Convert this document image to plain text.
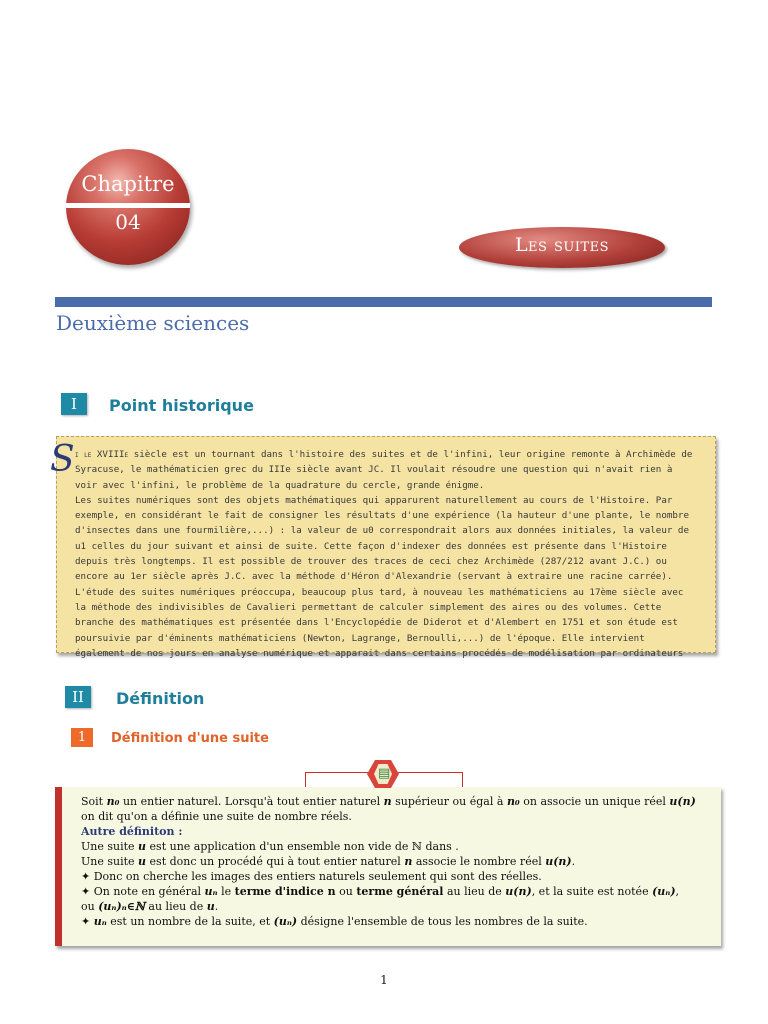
Chapitre
04
Les suites
Deuxième sciences
I	Point historique
S i le XVIIIe siècle est un tournant dans l'histoire des suites et de l'infini, leur origine remonte à Archimède de Syracuse, le mathématicien grec du IIIe siècle avant JC. Il voulait résoudre une question qui n'avait rien à voir avec l'infini, le problème de la quadrature du cercle, grande énigme.

Les suites numériques sont des objets mathématiques qui apparurent naturellement au cours de l'Histoire. Par exemple, en considérant le fait de consigner les résultats d'une expérience (la hauteur d'une plante, le nombre d'insectes dans une fourmilière,...) : la valeur de u0 correspondrait alors aux données initiales, la valeur de u1 celles du jour suivant et ainsi de suite. Cette façon d'indexer des données est présente dans l'Histoire depuis très longtemps. Il est possible de trouver des traces de ceci chez Archimède (287/212 avant J.C.) ou encore au 1er siècle après J.C. avec la méthode d'Héron d'Alexandrie (servant à extraire une racine carrée). L'étude des suites numériques préoccupa, beaucoup plus tard, à nouveau les mathématiciens au 17ème siècle avec la méthode des indivisibles de Cavalieri permettant de calculer simplement des aires ou des volumes. Cette branche des mathématiques est présentée dans l'Encyclopédie de Diderot et d'Alembert en 1751 et son étude est poursuivie par d'éminents mathématiciens (Newton, Lagrange, Bernoulli,...) de l'époque. Elle intervient également de nos jours en analyse numérique et apparait dans certains procédés de modélisation par ordinateurs

II	Définition
1	Définition d'une suite
▤

Soit n₀ un entier naturel. Lorsqu'à tout entier naturel n supérieur ou égal à n₀ on associe un unique réel u(n)

on dit qu'on a définie une suite de nombre réels.

Autre définiton :

Une suite u est une application d'un ensemble non vide de ℕ dans .

Une suite u est donc un procédé qui à tout entier naturel n associe le nombre réel u(n).

✦ Donc on cherche les images des entiers naturels seulement qui sont des réelles.

✦ On note en général uₙ le terme d'indice n ou terme général au lieu de u(n), et la suite est notée (uₙ),

ou (uₙ)ₙ∈ℕ au lieu de u.

✦ uₙ est un nombre de la suite, et (uₙ) désigne l'ensemble de tous les nombres de la suite.

1
